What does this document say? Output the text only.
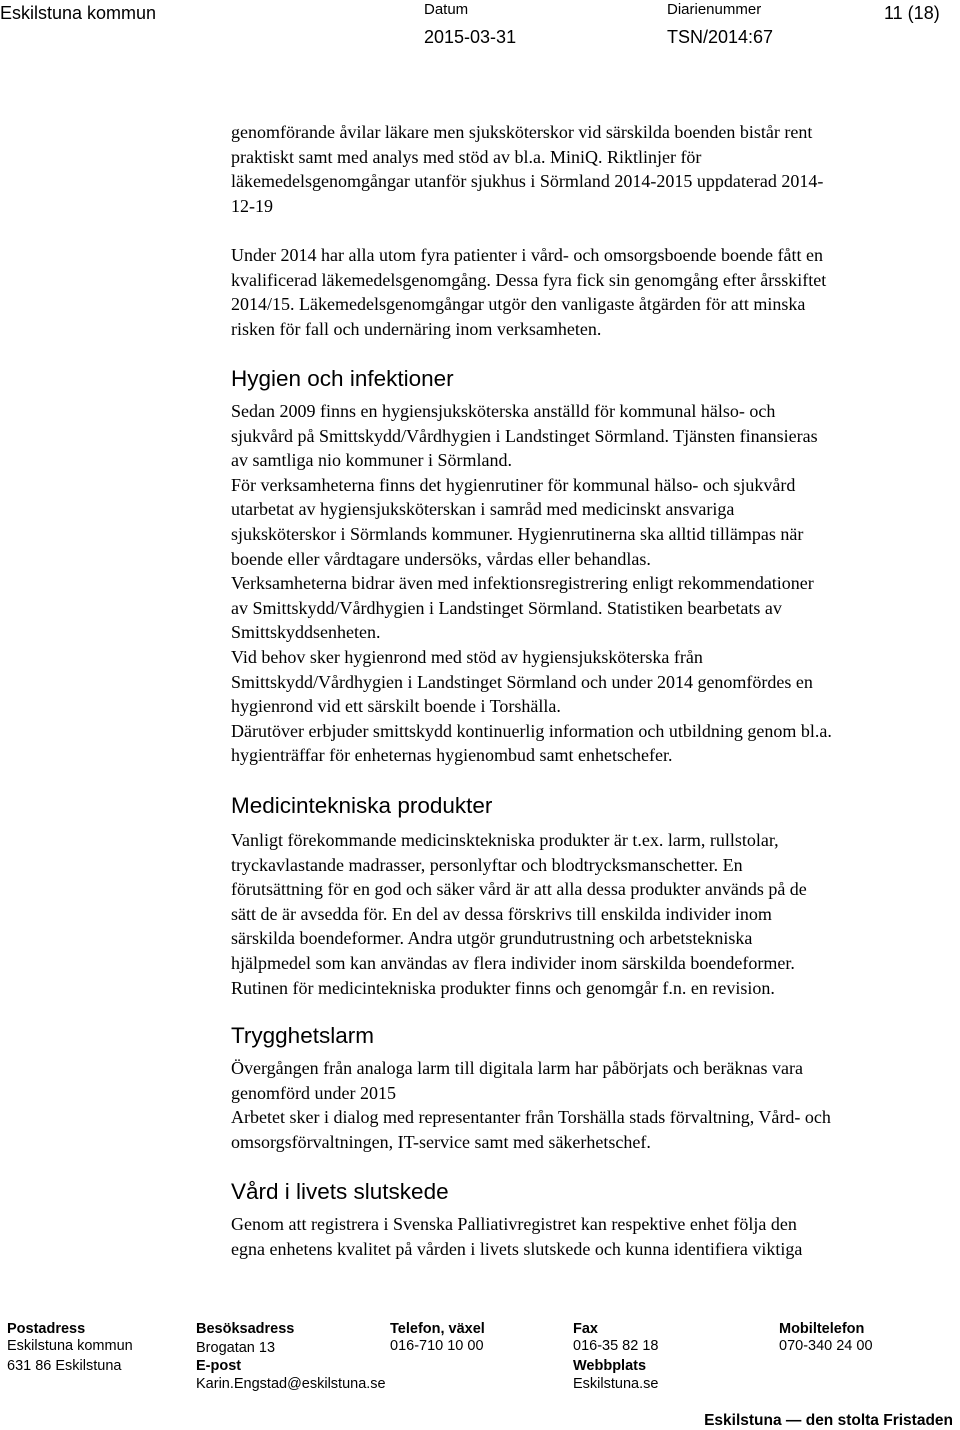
Eskilstuna kommun	Datum
2015-03-31
Diarienummer
TSN/2014:67
11 (18)
genomförande åvilar läkare men sjuksköterskor vid särskilda boenden bistår rent
praktiskt samt med analys med stöd av bl.a. MiniQ. Riktlinjer för
läkemedelsgenomgångar utanför sjukhus i Sörmland 2014-2015 uppdaterad 2014-
12-19
Under 2014 har alla utom fyra patienter i vård- och omsorgsboende boende fått en
kvalificerad läkemedelsgenomgång. Dessa fyra fick sin genomgång efter årsskiftet
2014/15. Läkemedelsgenomgångar utgör den vanligaste åtgärden för att minska
risken för fall och undernäring inom verksamheten.
Hygien och infektioner
Sedan 2009 finns en hygiensjuksköterska anställd för kommunal hälso- och
sjukvård på Smittskydd/Vårdhygien i Landstinget Sörmland. Tjänsten finansieras
av samtliga nio kommuner i Sörmland.
För verksamheterna finns det hygienrutiner för kommunal hälso- och sjukvård
utarbetat av hygiensjuksköterskan i samråd med medicinskt ansvariga
sjuksköterskor i Sörmlands kommuner. Hygienrutinerna ska alltid tillämpas när
boende eller vårdtagare undersöks, vårdas eller behandlas.
Verksamheterna bidrar även med infektionsregistrering enligt rekommendationer
av Smittskydd/Vårdhygien i Landstinget Sörmland. Statistiken bearbetats av
Smittskyddsenheten.
Vid behov sker hygienrond med stöd av hygiensjuksköterska från
Smittskydd/Vårdhygien i Landstinget Sörmland och under 2014 genomfördes en
hygienrond vid ett särskilt boende i Torshälla.
Därutöver erbjuder smittskydd kontinuerlig information och utbildning genom bl.a.
hygienträffar för enheternas hygienombud samt enhetschefer.
Medicintekniska produkter
Vanligt förekommande medicinsktekniska produkter är t.ex. larm, rullstolar,
tryckavlastande madrasser, personlyftar och blodtrycksmanschetter. En
förutsättning för en god och säker vård är att alla dessa produkter används på de
sätt de är avsedda för. En del av dessa förskrivs till enskilda individer inom
särskilda boendeformer. Andra utgör grundutrustning och arbetstekniska
hjälpmedel som kan användas av flera individer inom särskilda boendeformer.
Rutinen för medicintekniska produkter finns och genomgår f.n. en revision.
Trygghetslarm
Övergången från analoga larm till digitala larm har påbörjats och beräknas vara
genomförd under 2015
Arbetet sker i dialog med representanter från Torshälla stads förvaltning, Vård- och
omsorgsförvaltningen, IT-service samt med säkerhetschef.
Vård i livets slutskede
Genom att registrera i Svenska Palliativregistret kan respektive enhet följa den
egna enhetens kvalitet på vården i livets slutskede och kunna identifiera viktiga
Postadress
Eskilstuna kommun
631 86 Eskilstuna
Besöksadress
Brogatan 13
E-post
Karin.Engstad@eskilstuna.se
Telefon, växel
016-710 10 00
Fax
016-35 82 18
Webbplats
Eskilstuna.se
Mobiltelefon
070-340 24 00
Eskilstuna — den stolta Fristaden
